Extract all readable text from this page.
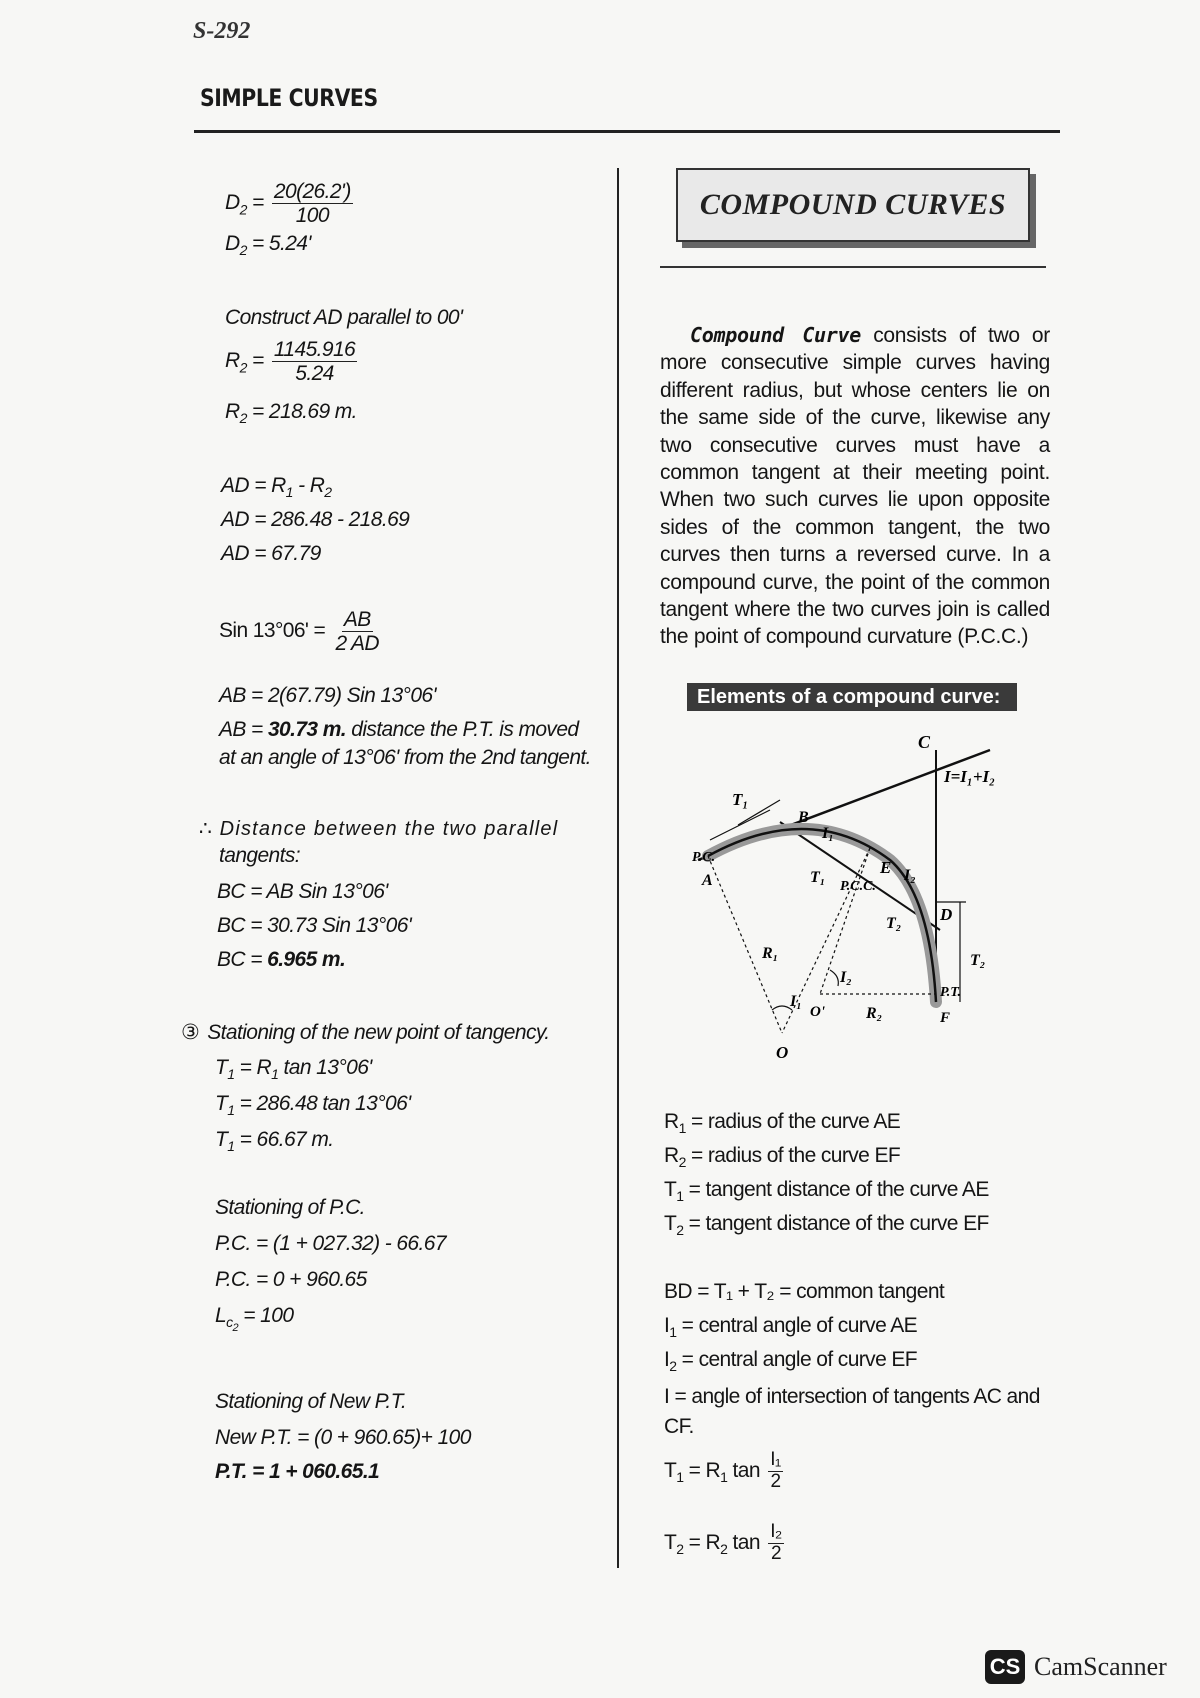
S-292
SIMPLE CURVES
$D_2 = \frac{20(26.2')}{100}$
$D_2 = 5.24'$
Construct AD parallel to 00'
$R_2 = \frac{1145.916}{5.24}$
$R_2 = 218.69$ m.
AD = $R_1 - R_2$
AD = 286.48 - 218.69
AD = 67.79
Sin $13^\circ 06' = \frac{AB}{2 AD}$
AB = 2(67.79) Sin 13°06'
AB = 30.73 m. distance the P.T. is moved
at an angle of 13°06' from the 2nd tangent.
∴ Distance between the two parallel
tangents:
BC = AB Sin 13°06'
BC = 30.73 Sin 13°06'
BC = 6.965 m.
③ Stationing of the new point of tangency.
$T_1 = R_1$ tan 13°06'
$T_1 = 286.48$ tan 13°06'
$T_1 = 66.67$ m.
Stationing of P.C.
P.C. = (1 + 027.32) - 66.67
P.C. = 0 + 960.65
$L_{c_2} = 100$
Stationing of New P.T.
New P.T. = (0 + 960.65)+ 100
P.T. = 1 + 060.65.1
COMPOUND CURVES
Compound Curve consists of two or more consecutive simple curves having different radius, but whose centers lie on the same side of the curve, likewise any two consecutive curves must have a common tangent at their meeting point. When two such curves lie upon opposite sides of the common tangent, the two curves then turns a reversed curve. In a compound curve, the point of the common tangent where the two curves join is called the point of compound curvature (P.C.C.)
Elements of a compound curve:
C
I=I₁+I₂
T₁
B
I₁
P.C.
A	T₁
P.C.C.
E I₂
D
T₂
R₁	T₂
I₂
P.T.
I₁
O'	R₂	F
O
$R_1$ = radius of the curve AE
$R_2$ = radius of the curve EF
$T_1$ = tangent distance of the curve AE
$T_2$ = tangent distance of the curve EF
BD = T₁ + T₂ = common tangent
$I_1$ = central angle of curve AE
$I_2$ = central angle of curve EF
I = angle of intersection of tangents AC and CF.
$T_1 = R_1$ $\tan \frac{\text{I₁}}{2}$
$T_2 = R_2$ $\tan \frac{\text{I₂}}{2}$
CS CamScanner
